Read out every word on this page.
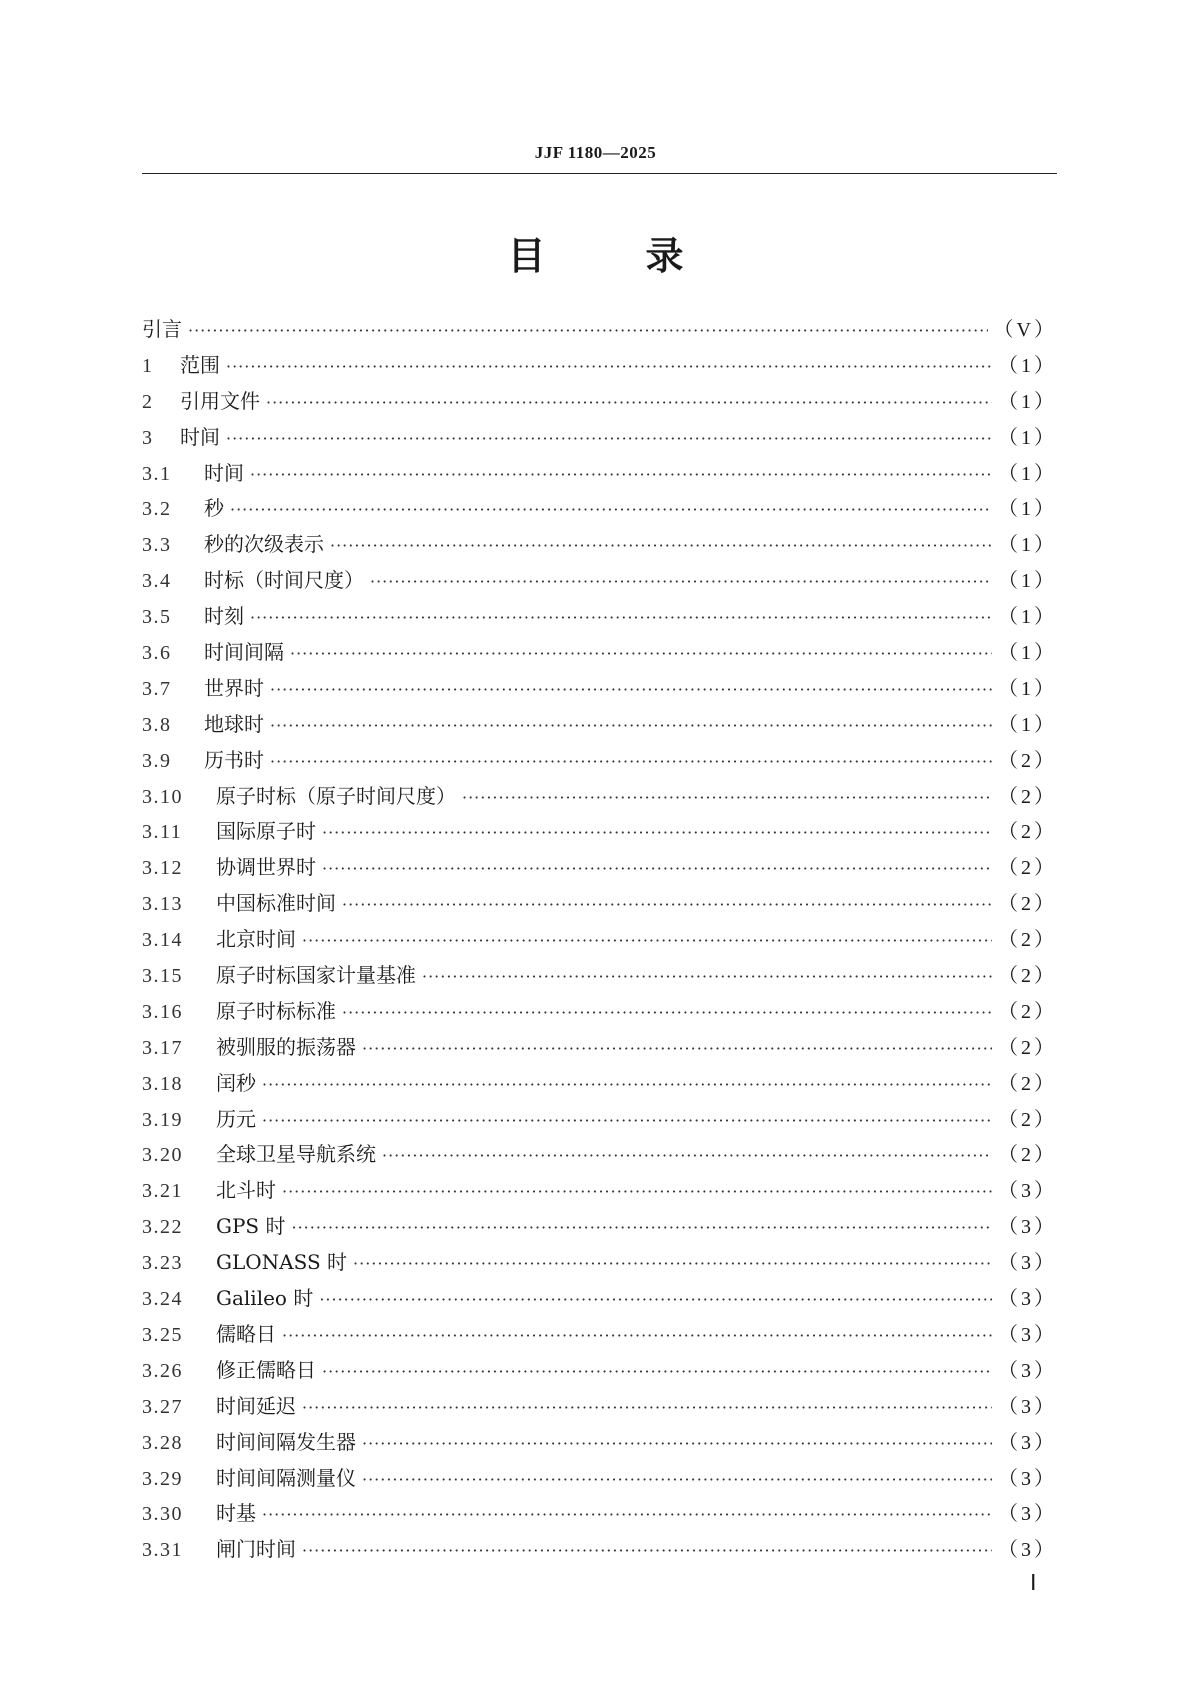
JJF 1180—2025
目	录
引言 ·····	（V）
1	范围 ·····	（1）
2	引用文件 ·····	（1）
3	时间 ·····	（1）
3.1	时间 ·····	（1）
3.2	秒 ·····	（1）
3.3	秒的次级表示 ·····	（1）
3.4	时标（时间尺度） ·····	（1）
3.5	时刻 ·····	（1）
3.6	时间间隔 ·····	（1）
3.7	世界时 ·····	（1）
3.8	地球时 ·····	（1）
3.9	历书时 ·····	（2）
3.10	原子时标（原子时间尺度） ·····	（2）
3.11	国际原子时 ·····	（2）
3.12	协调世界时 ·····	（2）
3.13	中国标准时间 ·····	（2）
3.14	北京时间 ·····	（2）
3.15	原子时标国家计量基准 ·····	（2）
3.16	原子时标标准 ·····	（2）
3.17	被驯服的振荡器 ·····	（2）
3.18	闰秒 ·····	（2）
3.19	历元 ·····	（2）
3.20	全球卫星导航系统 ·····	（2）
3.21	北斗时 ·····	（3）
3.22	GPS 时 ·····	（3）
3.23	GLONASS 时 ·····	（3）
3.24	Galileo 时 ·····	（3）
3.25	儒略日 ·····	（3）
3.26	修正儒略日 ·····	（3）
3.27	时间延迟 ·····	（3）
3.28	时间间隔发生器 ·····	（3）
3.29	时间间隔测量仪 ·····	（3）
3.30	时基 ·····	（3）
3.31	闸门时间 ·····	（3）
Ⅰ
